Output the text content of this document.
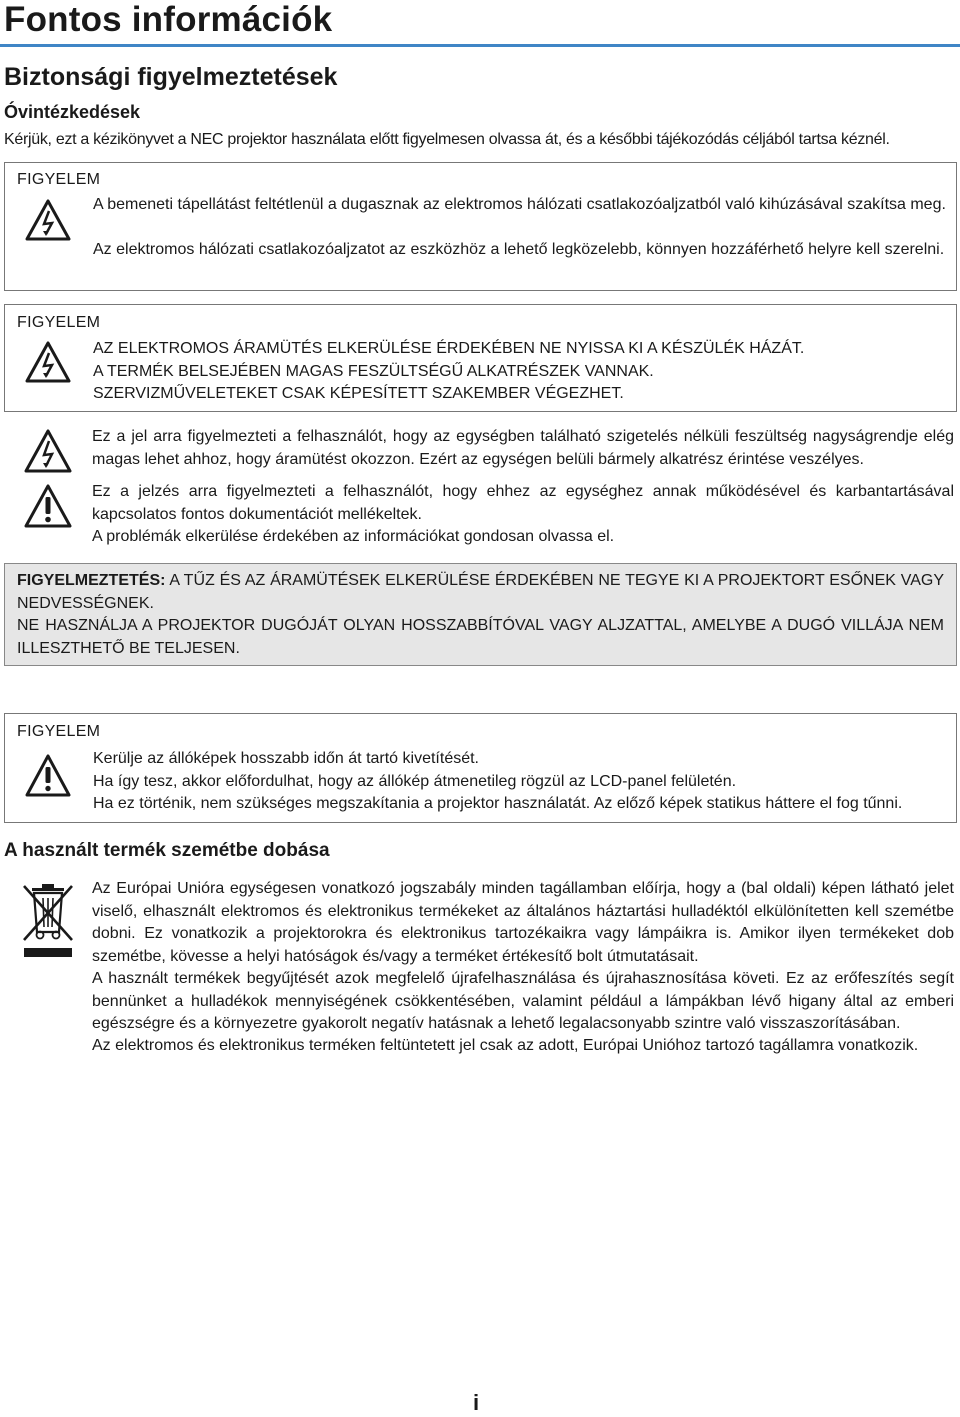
Fontos információk
Biztonsági figyelmeztetések
Óvintézkedések
Kérjük, ezt a kézikönyvet a NEC projektor használata előtt figyelmesen olvassa át, és a későbbi tájékozódás céljából tartsa kéznél.
FIGYELEM
A bemeneti tápellátást feltétlenül a dugasznak az elektromos hálózati csatlakozóaljzatból való kihúzásával szakítsa meg.
Az elektromos hálózati csatlakozóaljzatot az eszközhöz a lehető legközelebb, könnyen hozzáférhető helyre kell szerelni.
FIGYELEM
AZ ELEKTROMOS ÁRAMÜTÉS ELKERÜLÉSE ÉRDEKÉBEN NE NYISSA KI A KÉSZÜLÉK HÁZÁT.
A TERMÉK BELSEJÉBEN MAGAS FESZÜLTSÉGŰ ALKATRÉSZEK VANNAK.
SZERVIZMŰVELETEKET CSAK KÉPESÍTETT SZAKEMBER VÉGEZHET.
Ez a jel arra figyelmezteti a felhasználót, hogy az egységben található szigetelés nélküli feszültség nagyságrendje elég magas lehet ahhoz, hogy áramütést okozzon. Ezért az egységen belüli bármely alkatrész érintése veszélyes.
Ez a jelzés arra figyelmezteti a felhasználót, hogy ehhez az egységhez annak működésével és karbantartásával kapcsolatos fontos dokumentációt mellékeltek.
A problémák elkerülése érdekében az információkat gondosan olvassa el.
FIGYELMEZTETÉS: A TŰZ ÉS AZ ÁRAMÜTÉSEK ELKERÜLÉSE ÉRDEKÉBEN NE TEGYE KI A PROJEKTORT ESŐNEK VAGY NEDVESSÉGNEK.
NE HASZNÁLJA A PROJEKTOR DUGÓJÁT OLYAN HOSSZABBÍTÓVAL VAGY ALJZATTAL, AMELYBE A DUGÓ VILLÁJA NEM ILLESZTHETŐ BE TELJESEN.
FIGYELEM
Kerülje az állóképek hosszabb időn át tartó kivetítését.
Ha így tesz, akkor előfordulhat, hogy az állókép átmenetileg rögzül az LCD-panel felületén.
Ha ez történik, nem szükséges megszakítania a projektor használatát. Az előző képek statikus háttere el fog tűnni.
A használt termék szemétbe dobása
Az Európai Unióra egységesen vonatkozó jogszabály minden tagállamban előírja, hogy a (bal oldali) képen látható jelet viselő, elhasznált elektromos és elektronikus termékeket az általános háztartási hulladéktól elkülönítetten kell szemétbe dobni. Ez vonatkozik a projektorokra és elektronikus tartozékaikra vagy lámpáikra is. Amikor ilyen termékeket dob szemétbe, kövesse a helyi hatóságok és/vagy a terméket értékesítő bolt útmutatásait.
A használt termékek begyűjtését azok megfelelő újrafelhasználása és újrahasznosítása követi. Ez az erőfeszítés segít bennünket a hulladékok mennyiségének csökkentésében, valamint például a lámpákban lévő higany által az emberi egészségre és a környezetre gyakorolt negatív hatásnak a lehető legalacsonyabb szintre való visszaszorításában.
Az elektromos és elektronikus terméken feltüntetett jel csak az adott, Európai Unióhoz tartozó tagállamra vonatkozik.
i
